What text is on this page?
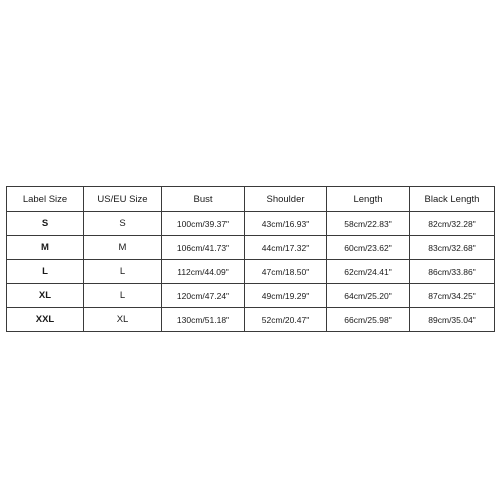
Label Size	US/EU Size	Bust	Shoulder	Length	Black Length
S	S	100cm/39.37"	43cm/16.93"	58cm/22.83"	82cm/32.28"
M	M	106cm/41.73"	44cm/17.32"	60cm/23.62"	83cm/32.68"
L	L	112cm/44.09"	47cm/18.50"	62cm/24.41"	86cm/33.86"
XL	L	120cm/47.24"	49cm/19.29"	64cm/25.20"	87cm/34.25"
XXL	XL	130cm/51.18"	52cm/20.47"	66cm/25.98"	89cm/35.04"
